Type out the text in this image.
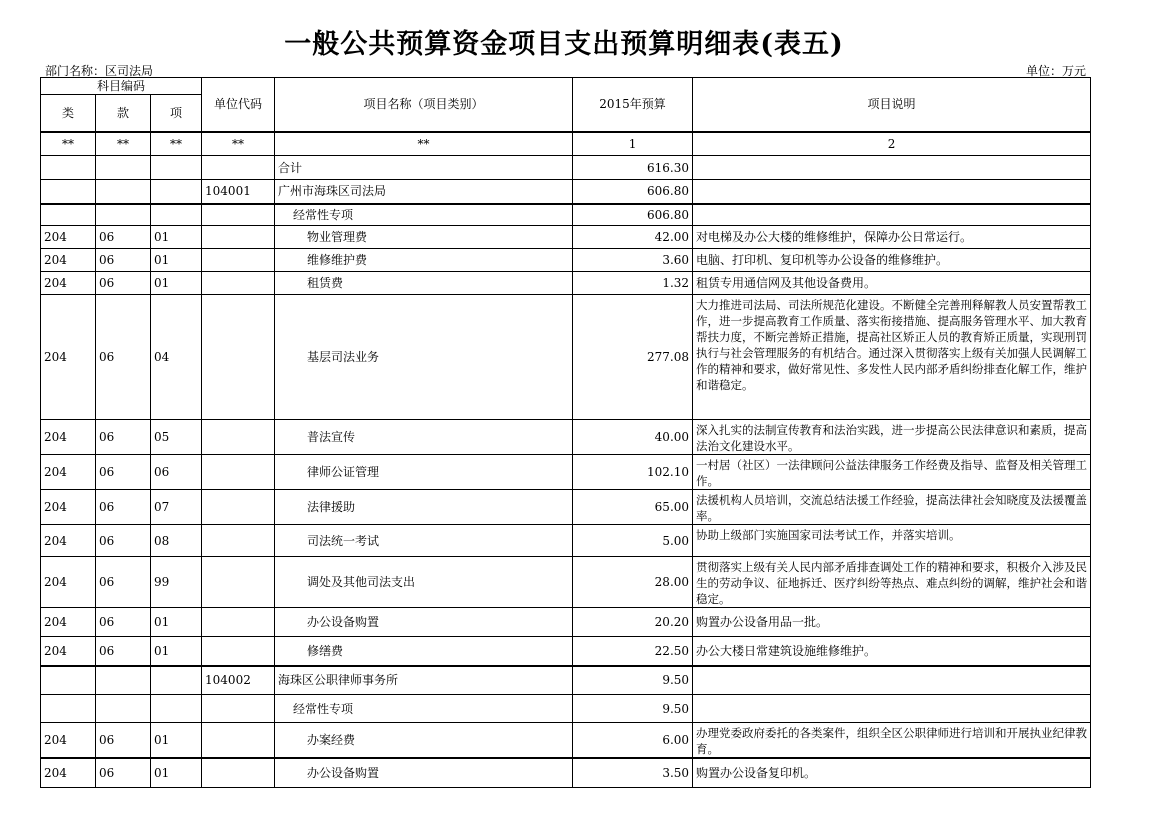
一般公共预算资金项目支出预算明细表(表五)
部门名称：区司法局	单位：万元
科目编码			单位代码	项目名称（项目类别）	2015年预算	项目说明
类	款	项				
**	**	**	**	**	1	2
				合计	616.30	
			104001	广州市海珠区司法局	606.80	
				经常性专项	606.80	
204	06	01		物业管理费	42.00	对电梯及办公大楼的维修维护，保障办公日常运行。
204	06	01		维修维护费	3.60	电脑、打印机、复印机等办公设备的维修维护。
204	06	01		租赁费	1.32	租赁专用通信网及其他设备费用。
204	06	04		基层司法业务	277.08	大力推进司法局、司法所规范化建设。不断健全完善刑释解教人员安置帮教工作，进一步提高教育工作质量、落实衔接措施、提高服务管理水平、加大教育帮扶力度，不断完善矫正措施，提高社区矫正人员的教育矫正质量，实现刑罚执行与社会管理服务的有机结合。通过深入贯彻落实上级有关加强人民调解工作的精神和要求，做好常见性、多发性人民内部矛盾纠纷排查化解工作，维护和谐稳定。
204	06	05		普法宣传	40.00	深入扎实的法制宣传教育和法治实践，进一步提高公民法律意识和素质，提高法治文化建设水平。
204	06	06		律师公证管理	102.10	一村居（社区）一法律顾问公益法律服务工作经费及指导、监督及相关管理工作。
204	06	07		法律援助	65.00	法援机构人员培训，交流总结法援工作经验，提高法律社会知晓度及法援覆盖率。
204	06	08		司法统一考试	5.00	协助上级部门实施国家司法考试工作，并落实培训。
204	06	99		调处及其他司法支出	28.00	贯彻落实上级有关人民内部矛盾排查调处工作的精神和要求，积极介入涉及民生的劳动争议、征地拆迁、医疗纠纷等热点、难点纠纷的调解，维护社会和谐稳定。
204	06	01		办公设备购置	20.20	购置办公设备用品一批。
204	06	01		修缮费	22.50	办公大楼日常建筑设施维修维护。
			104002	海珠区公职律师事务所	9.50	
				经常性专项	9.50	
204	06	01		办案经费	6.00	办理党委政府委托的各类案件，组织全区公职律师进行培训和开展执业纪律教育。
204	06	01		办公设备购置	3.50	购置办公设备复印机。
